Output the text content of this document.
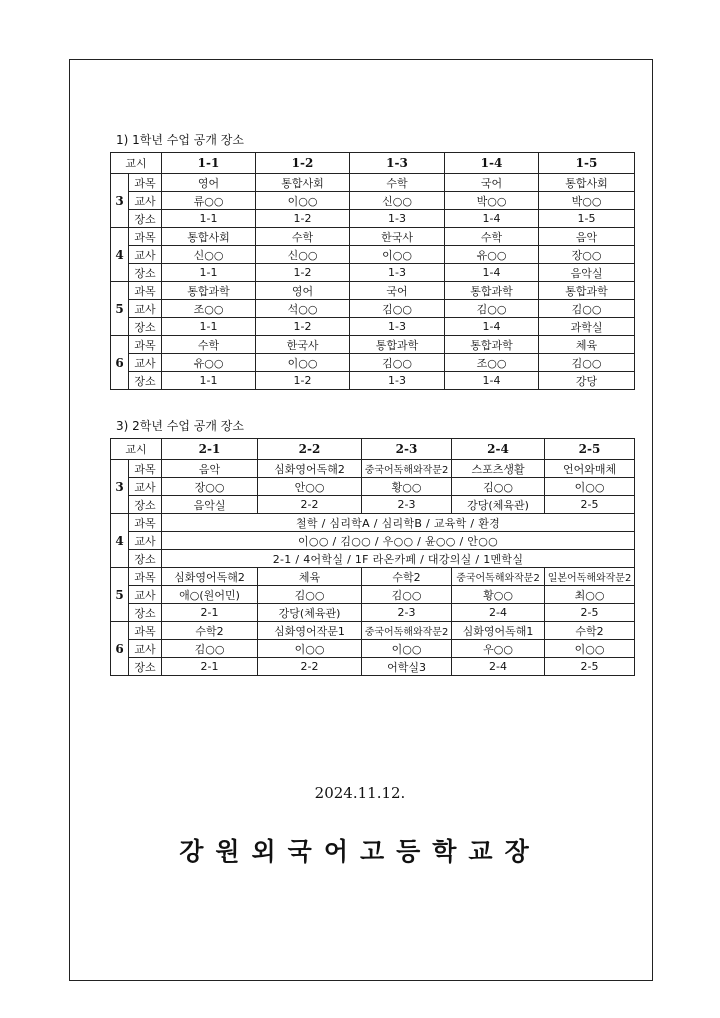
1) 1학년 수업 공개 장소
교시		1-1	1-2	1-3	1-4	1-5
3	과목	영어	통합사회	수학	국어	통합사회
	교사	류○○	이○○	신○○	박○○	박○○
	장소	1-1	1-2	1-3	1-4	1-5
4	과목	통합사회	수학	한국사	수학	음악
	교사	신○○	신○○	이○○	유○○	장○○
	장소	1-1	1-2	1-3	1-4	음악실
5	과목	통합과학	영어	국어	통합과학	통합과학
	교사	조○○	석○○	김○○	김○○	김○○
	장소	1-1	1-2	1-3	1-4	과학실
6	과목	수학	한국사	통합과학	통합과학	체육
	교사	유○○	이○○	김○○	조○○	김○○
	장소	1-1	1-2	1-3	1-4	강당
3) 2학년 수업 공개 장소
교시		2-1	2-2	2-3	2-4	2-5
3	과목	음악	심화영어독해2	중국어독해와작문2	스포츠생활	언어와매체
	교사	장○○	안○○	황○○	김○○	이○○
	장소	음악실	2-2	2-3	강당(체육관)	2-5
4	과목	철학 / 심리학A / 심리학B / 교육학 / 환경				
	교사	이○○ / 김○○ / 우○○ / 윤○○ / 안○○				
	장소	2-1 / 4어학실 / 1F 라온카페 / 대강의실 / 1멘학실				
5	과목	심화영어독해2	체육	수학2	중국어독해와작문2	일본어독해와작문2
	교사	애○(원어민)	김○○	김○○	황○○	최○○
	장소	2-1	강당(체육관)	2-3	2-4	2-5
6	과목	수학2	심화영어작문1	중국어독해와작문2	심화영어독해1	수학2
	교사	김○○	이○○	이○○	우○○	이○○
	장소	2-1	2-2	어학실3	2-4	2-5
2024.11.12.
강원외국어고등학교장
